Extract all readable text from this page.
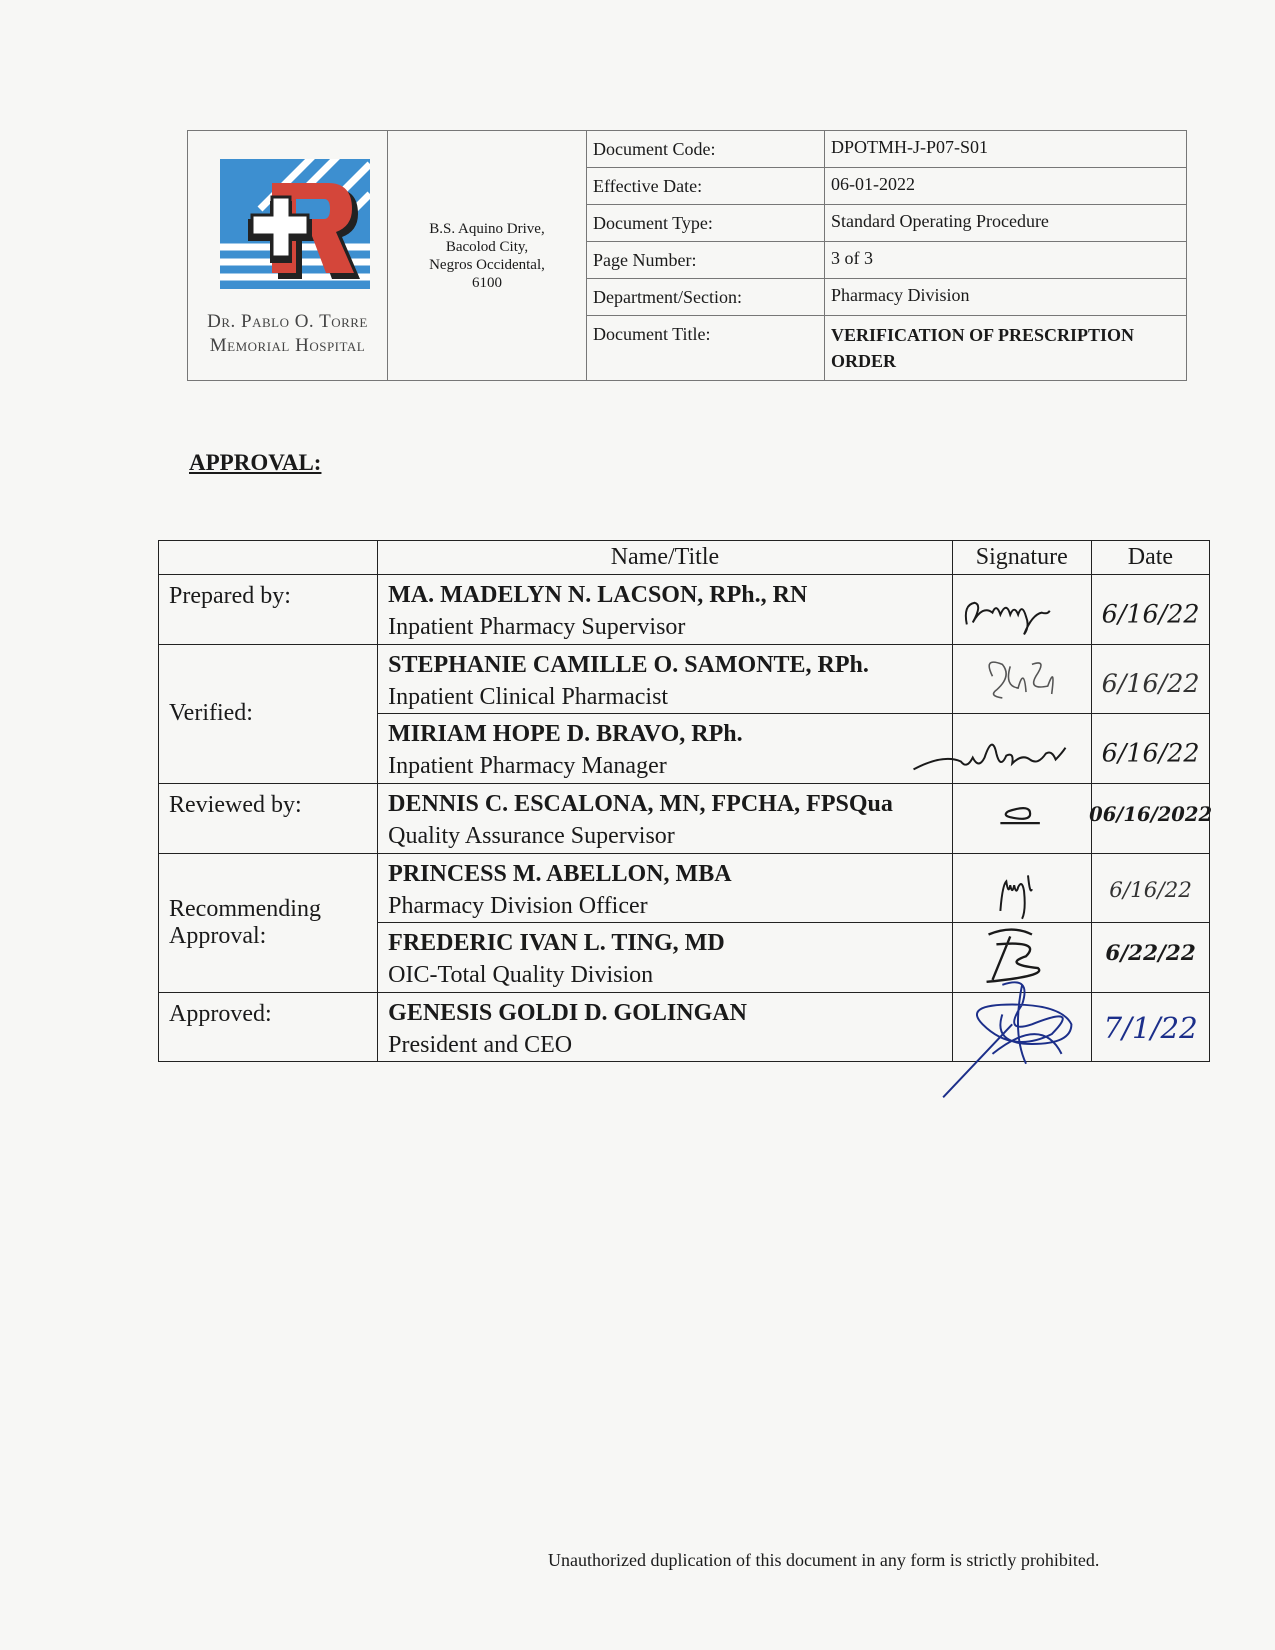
Dr. Pablo O. Torre
Memorial Hospital	B.S. Aquino Drive,
Bacolod City,
Negros Occidental,
6100	Document Code:	DPOTMH-J-P07-S01
		Effective Date:	06-01-2022
		Document Type:	Standard Operating Procedure
		Page Number:	3 of 3
		Department/Section:	Pharmacy Division
		Document Title:	VERIFICATION OF PRESCRIPTION ORDER
APPROVAL:
	Name/Title	Signature	Date
Prepared by:	MA. MADELYN N. LACSON, RPh., RN
Inpatient Pharmacy Supervisor		6/16/22

Verified:	STEPHANIE CAMILLE O. SAMONTE, RPh.
Inpatient Clinical Pharmacist		6/16/22

	MIRIAM HOPE D. BRAVO, RPh.
Inpatient Pharmacy Manager		6/16/22

Reviewed by:	DENNIS C. ESCALONA, MN, FPCHA, FPSQua
Quality Assurance Supervisor		06/16/2022

Recommending
Approval:	PRINCESS M. ABELLON, MBA
Pharmacy Division Officer		6/16/22

	FREDERIC IVAN L. TING, MD
OIC-Total Quality Division		6/22/22

Approved:	GENESIS GOLDI D. GOLINGAN
President and CEO		7/1/22
Unauthorized duplication of this document in any form is strictly prohibited.
